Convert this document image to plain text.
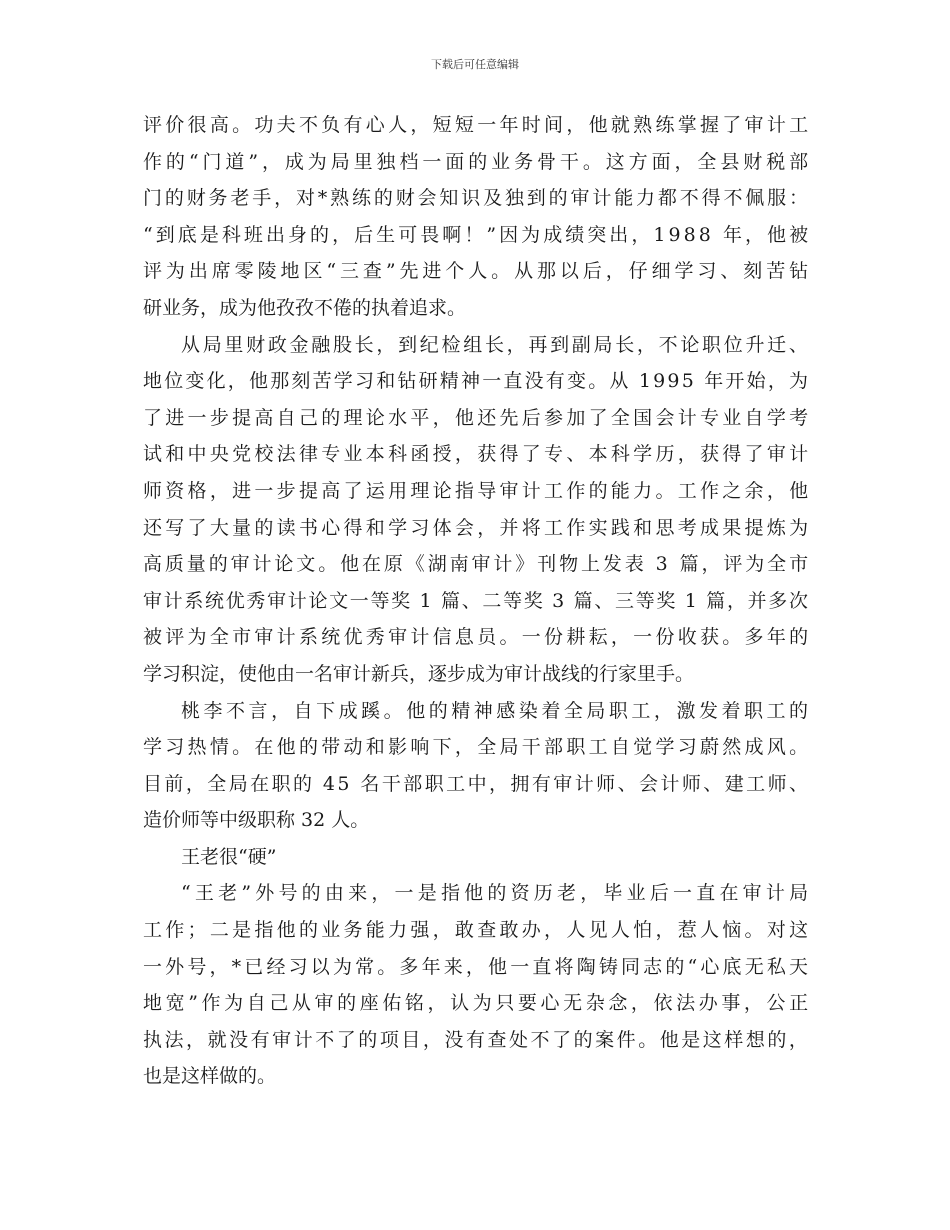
下载后可任意编辑

评价很高。功夫不负有心人，短短一年时间，他就熟练掌握了审计工

作的“门道”，成为局里独档一面的业务骨干。这方面，全县财税部

门的财务老手，对*熟练的财会知识及独到的审计能力都不得不佩服：

“到底是科班出身的，后生可畏啊！”因为成绩突出，1988 年，他被

评为出席零陵地区“三查”先进个人。从那以后，仔细学习、刻苦钻

研业务，成为他孜孜不倦的执着追求。

从局里财政金融股长，到纪检组长，再到副局长，不论职位升迁、

地位变化，他那刻苦学习和钻研精神一直没有变。从 1995 年开始，为

了进一步提高自己的理论水平，他还先后参加了全国会计专业自学考

试和中央党校法律专业本科函授，获得了专、本科学历，获得了审计

师资格，进一步提高了运用理论指导审计工作的能力。工作之余，他

还写了大量的读书心得和学习体会，并将工作实践和思考成果提炼为

高质量的审计论文。他在原《湖南审计》刊物上发表 3 篇，评为全市

审计系统优秀审计论文一等奖 1 篇、二等奖 3 篇、三等奖 1 篇，并多次

被评为全市审计系统优秀审计信息员。一份耕耘，一份收获。多年的

学习积淀，使他由一名审计新兵，逐步成为审计战线的行家里手。

桃李不言，自下成蹊。他的精神感染着全局职工，激发着职工的

学习热情。在他的带动和影响下，全局干部职工自觉学习蔚然成风。

目前，全局在职的 45 名干部职工中，拥有审计师、会计师、建工师、

造价师等中级职称 32 人。

王老很“硬”

“王老”外号的由来，一是指他的资历老，毕业后一直在审计局

工作；二是指他的业务能力强，敢查敢办，人见人怕，惹人恼。对这

一外号，*已经习以为常。多年来，他一直将陶铸同志的“心底无私天

地宽”作为自己从审的座佑铭，认为只要心无杂念，依法办事，公正

执法，就没有审计不了的项目，没有查处不了的案件。他是这样想的，

也是这样做的。
